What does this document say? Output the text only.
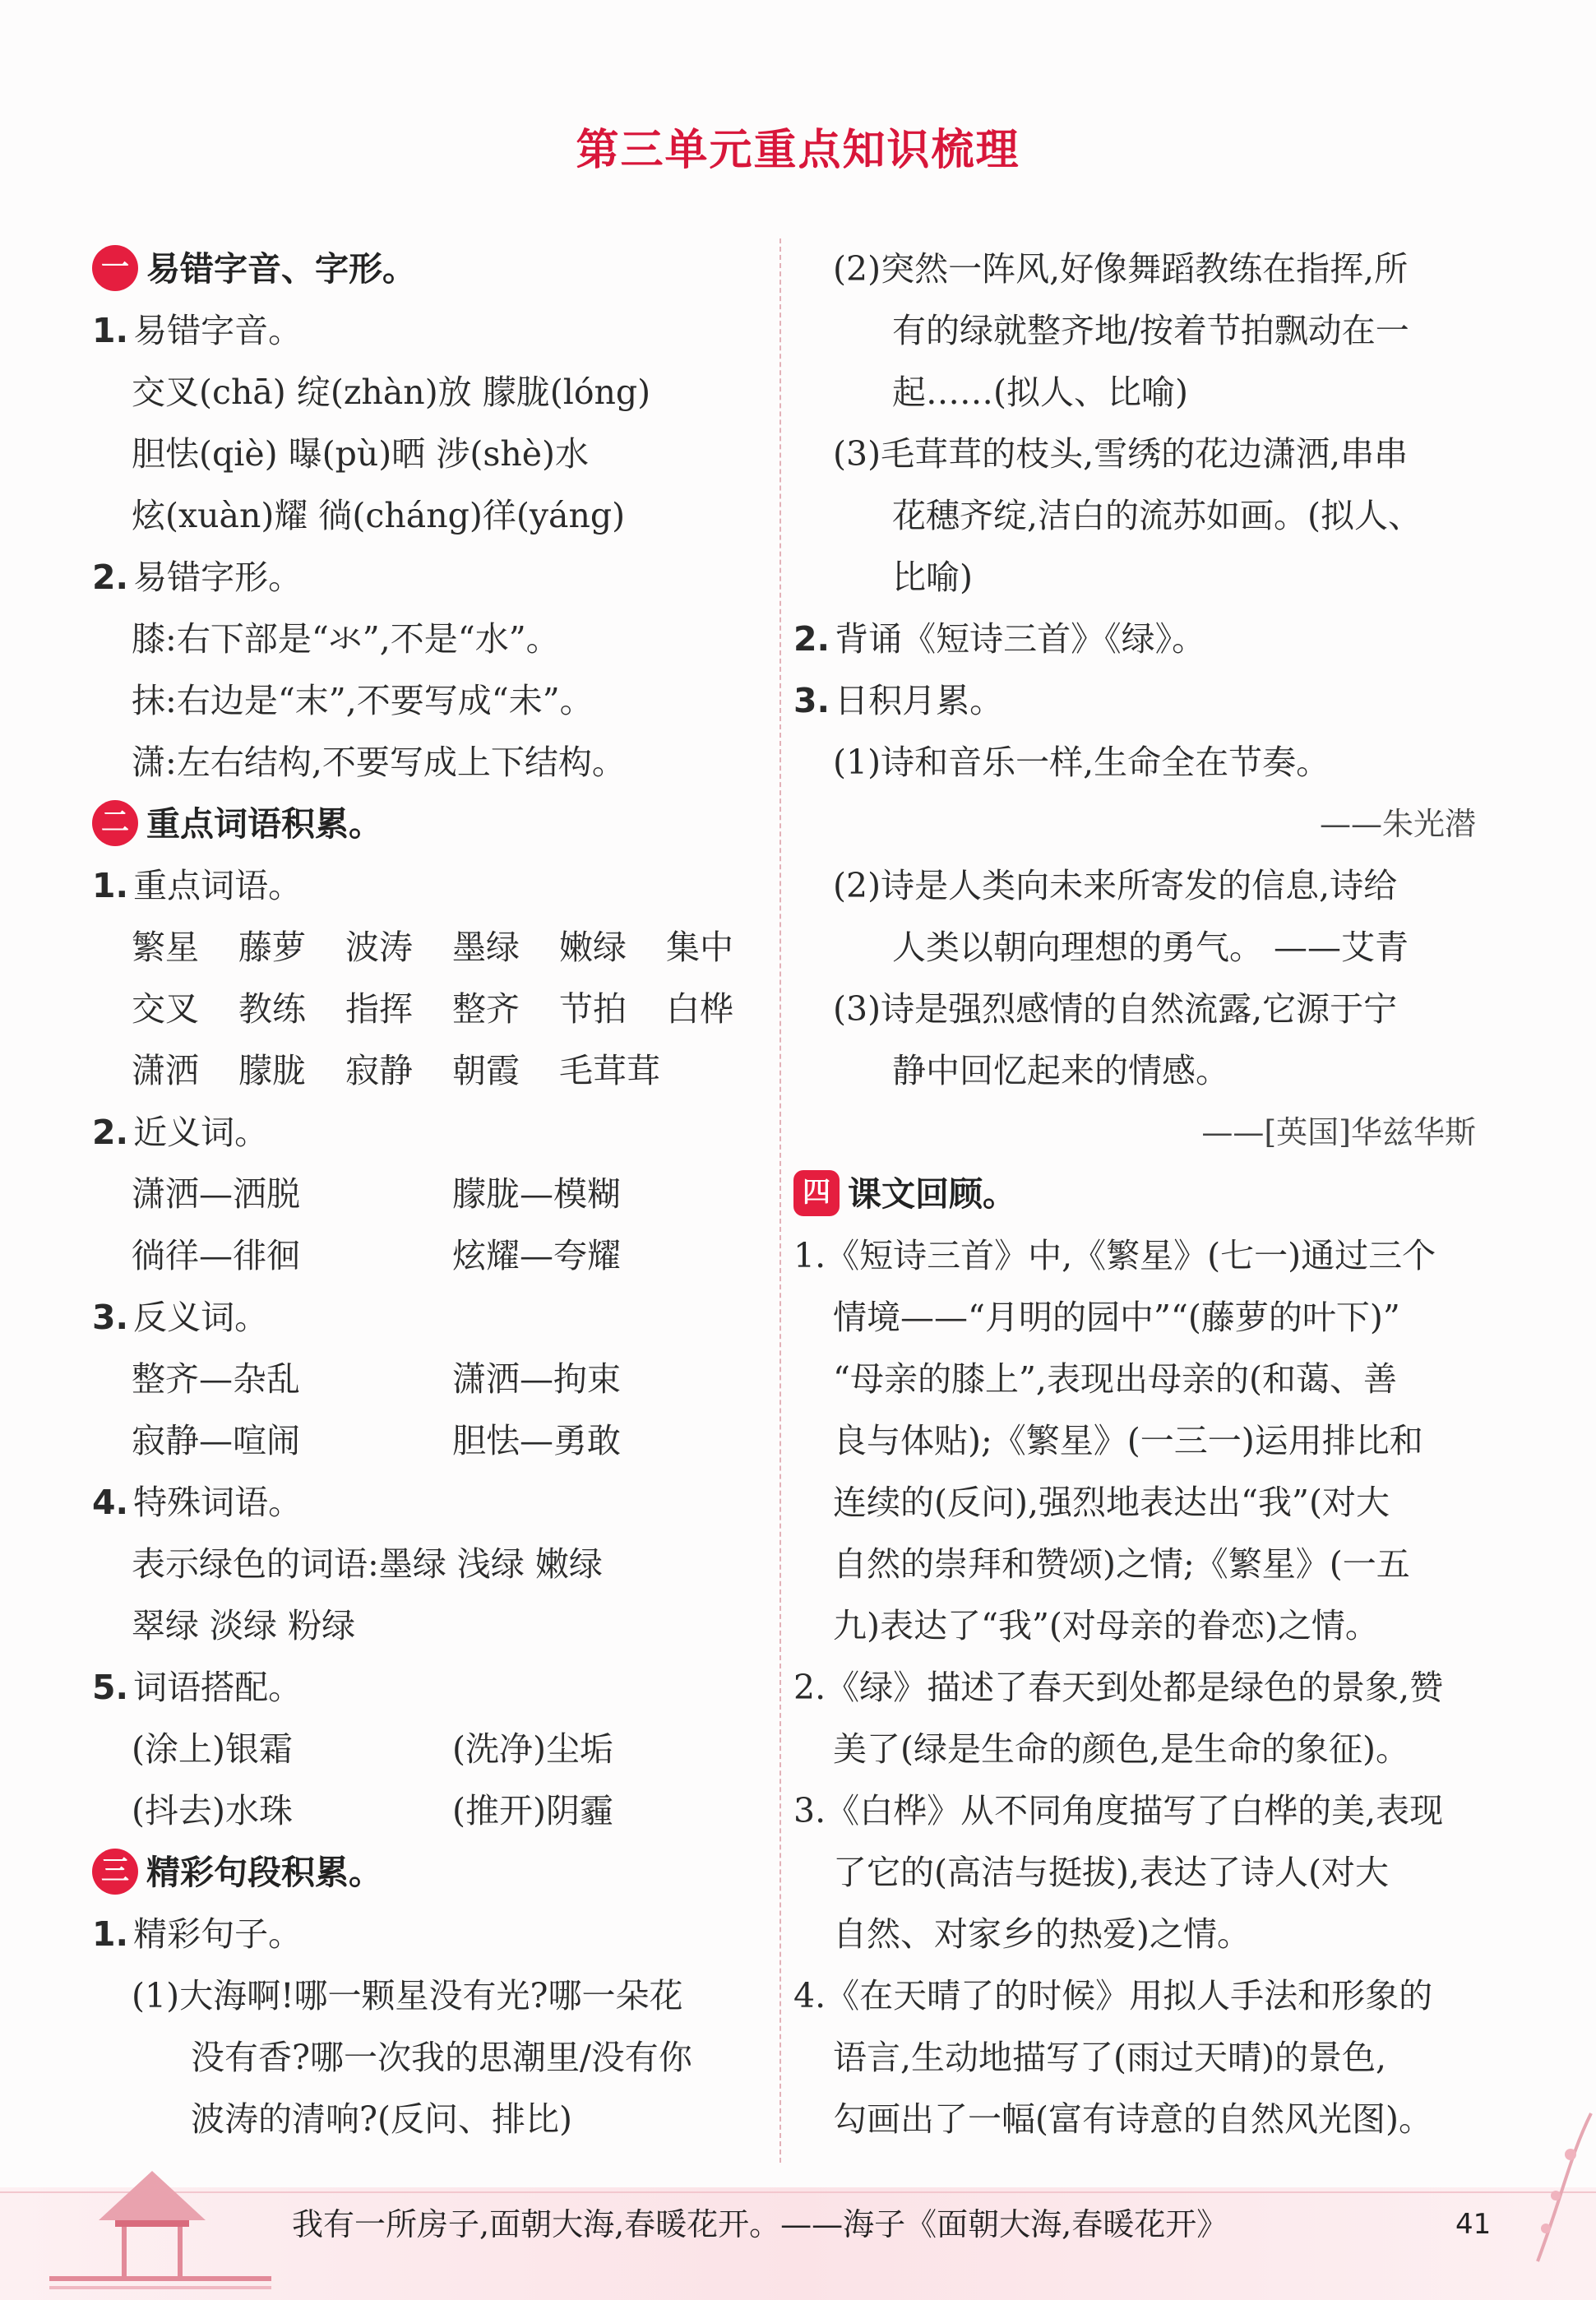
第三单元重点知识梳理
一 易错字音、字形。
1. 易错字音。
交叉(chā) 绽(zhàn)放 朦胧(lóng)
胆怯(qiè) 曝(pù)晒 涉(shè)水
炫(xuàn)耀 徜(cháng)徉(yáng)
2. 易错字形。
膝:右下部是“氺”,不是“水”。
抹:右边是“末”,不要写成“未”。
潇:左右结构,不要写成上下结构。
二 重点词语积累。
1. 重点词语。
繁星 藤萝 波涛 墨绿 嫩绿 集中
交叉 教练 指挥 整齐 节拍 白桦
潇洒 朦胧 寂静 朝霞 毛茸茸
2. 近义词。
潇洒—洒脱	朦胧—模糊
徜徉—徘徊	炫耀—夸耀
3. 反义词。
整齐—杂乱	潇洒—拘束
寂静—喧闹	胆怯—勇敢
4. 特殊词语。
表示绿色的词语:墨绿 浅绿 嫩绿
翠绿 淡绿 粉绿
5. 词语搭配。
(涂上)银霜	(洗净)尘垢
(抖去)水珠	(推开)阴霾
三 精彩句段积累。
1. 精彩句子。
(1)大海啊!哪一颗星没有光?哪一朵花
没有香?哪一次我的思潮里/没有你
波涛的清响?(反问、排比)
(2)突然一阵风,好像舞蹈教练在指挥,所
有的绿就整齐地/按着节拍飘动在一
起……(拟人、比喻)
(3)毛茸茸的枝头,雪绣的花边潇洒,串串
花穗齐绽,洁白的流苏如画。(拟人、
比喻)
2. 背诵《短诗三首》《绿》。
3. 日积月累。
(1)诗和音乐一样,生命全在节奏。
——朱光潜
(2)诗是人类向未来所寄发的信息,诗给
人类以朝向理想的勇气。 ——艾青
(3)诗是强烈感情的自然流露,它源于宁
静中回忆起来的情感。
——[英国]华兹华斯
四 课文回顾。
1.《短诗三首》中,《繁星》(七一)通过三个
情境——“月明的园中”“(藤萝的叶下)”
“母亲的膝上”,表现出母亲的(和蔼、善
良与体贴);《繁星》(一三一)运用排比和
连续的(反问),强烈地表达出“我”(对大
自然的崇拜和赞颂)之情;《繁星》(一五
九)表达了“我”(对母亲的眷恋)之情。
2.《绿》描述了春天到处都是绿色的景象,赞
美了(绿是生命的颜色,是生命的象征)。
3.《白桦》从不同角度描写了白桦的美,表现
了它的(高洁与挺拔),表达了诗人(对大
自然、对家乡的热爱)之情。
4.《在天晴了的时候》用拟人手法和形象的
语言,生动地描写了(雨过天晴)的景色,
勾画出了一幅(富有诗意的自然风光图)。
我有一所房子,面朝大海,春暖花开。——海子《面朝大海,春暖花开》	41
